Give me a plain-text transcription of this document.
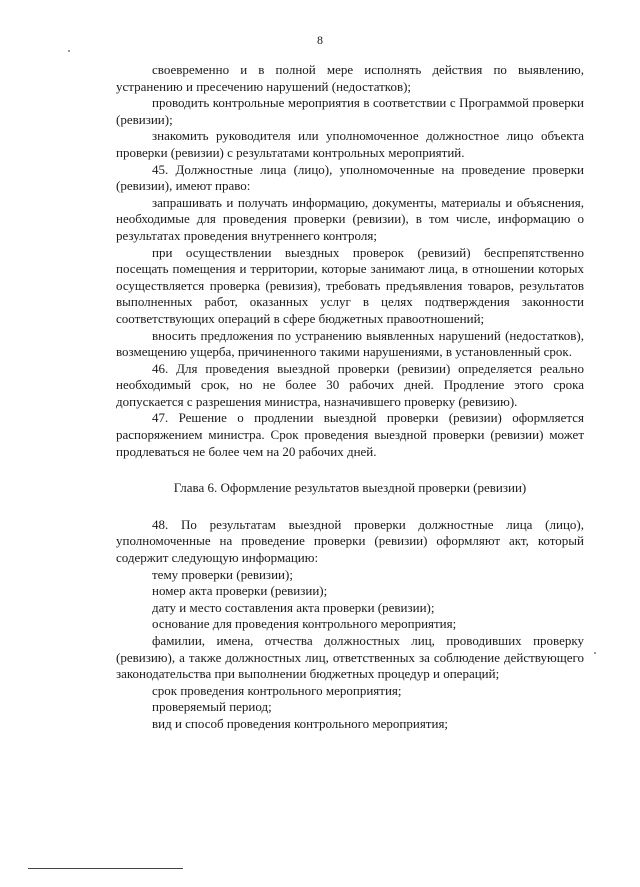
8

своевременно и в полной мере исполнять действия по выявлению, устранению и пресечению нарушений (недостатков);

проводить контрольные мероприятия в соответствии с Программой проверки (ревизии);

знакомить руководителя или уполномоченное должностное лицо объекта проверки (ревизии) с результатами контрольных мероприятий.

45. Должностные лица (лицо), уполномоченные на проведение проверки (ревизии), имеют право:

запрашивать и получать информацию, документы, материалы и объяснения, необходимые для проведения проверки (ревизии), в том числе, информацию о результатах проведения внутреннего контроля;

при осуществлении выездных проверок (ревизий) беспрепятственно посещать помещения и территории, которые занимают лица, в отношении которых осуществляется проверка (ревизия), требовать предъявления товаров, результатов выполненных работ, оказанных услуг в целях подтверждения законности соответствующих операций в сфере бюджетных правоотношений;

вносить предложения по устранению выявленных нарушений (недостатков), возмещению ущерба, причиненного такими нарушениями, в установленный срок.

46. Для проведения выездной проверки (ревизии) определяется реально необходимый срок, но не более 30 рабочих дней. Продление этого срока допускается с разрешения министра, назначившего проверку (ревизию).

47. Решение о продлении выездной проверки (ревизии) оформляется распоряжением министра. Срок проведения выездной проверки (ревизии) может продлеваться не более чем на 20 рабочих дней.

Глава 6. Оформление результатов выездной проверки (ревизии)

48. По результатам выездной проверки должностные лица (лицо), уполномоченные на проведение проверки (ревизии) оформляют акт, который содержит следующую информацию:

тему проверки (ревизии);

номер акта проверки (ревизии);

дату и место составления акта проверки (ревизии);

основание для проведения контрольного мероприятия;

фамилии, имена, отчества должностных лиц, проводивших проверку (ревизию), а также должностных лиц, ответственных за соблюдение действующего законодательства при выполнении бюджетных процедур и операций;

срок проведения контрольного мероприятия;

проверяемый период;

вид и способ проведения контрольного мероприятия;
